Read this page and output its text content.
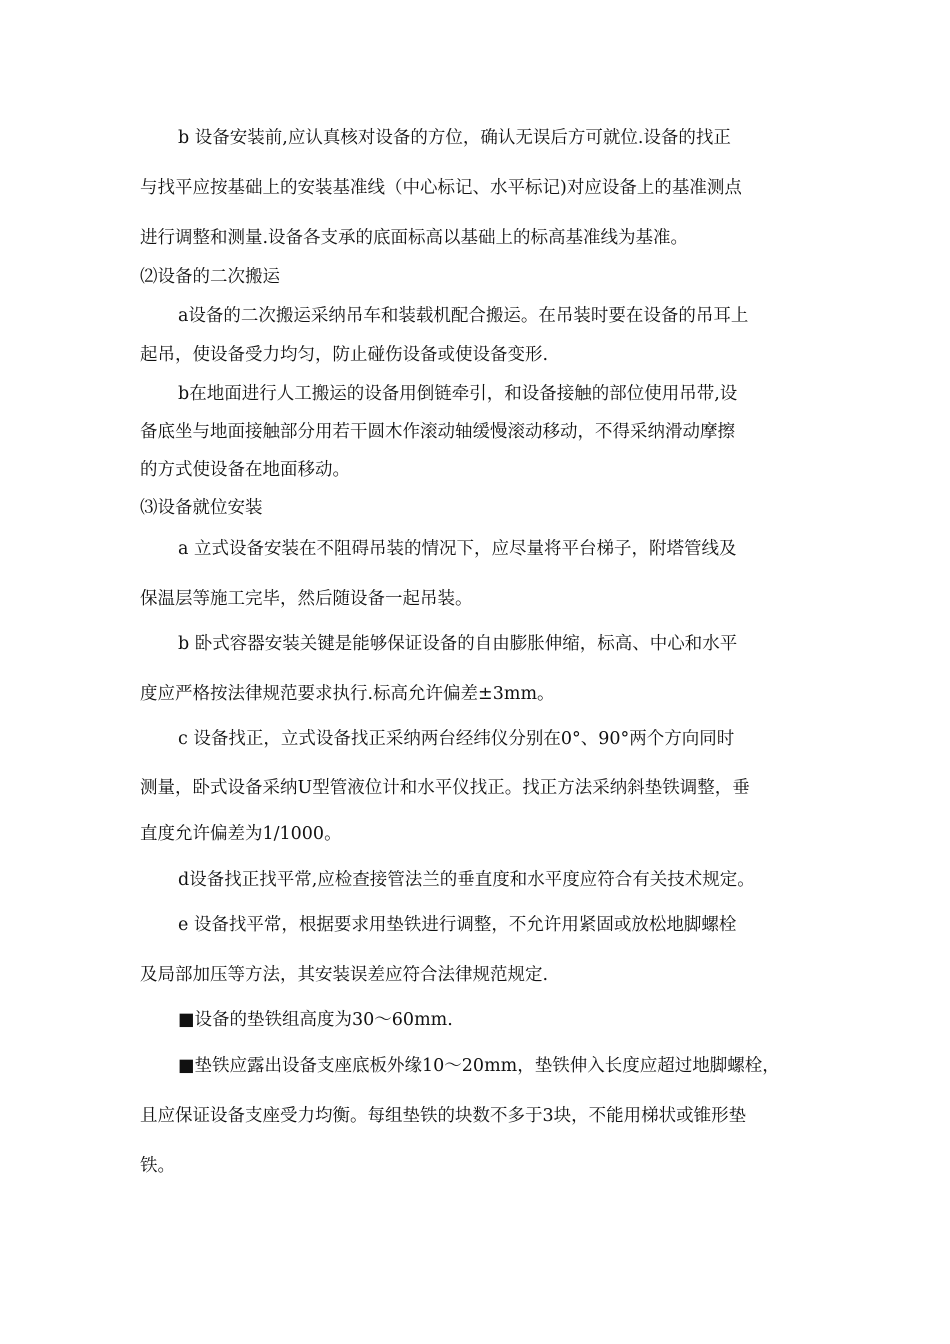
b 设备安装前,应认真核对设备的方位，确认无误后方可就位.设备的找正
与找平应按基础上的安装基准线（中心标记、水平标记)对应设备上的基准测点
进行调整和测量.设备各支承的底面标高以基础上的标高基准线为基准。
⑵设备的二次搬运
a设备的二次搬运采纳吊车和装载机配合搬运。在吊装时要在设备的吊耳上
起吊，使设备受力均匀，防止碰伤设备或使设备变形.
b在地面进行人工搬运的设备用倒链牵引，和设备接触的部位使用吊带,设
备底坐与地面接触部分用若干圆木作滚动轴缓慢滚动移动，不得采纳滑动摩擦
的方式使设备在地面移动。
⑶设备就位安装
a 立式设备安装在不阻碍吊装的情况下，应尽量将平台梯子，附塔管线及
保温层等施工完毕，然后随设备一起吊装。
b 卧式容器安装关键是能够保证设备的自由膨胀伸缩，标高、中心和水平
度应严格按法律规范要求执行.标高允许偏差±3mm。
c 设备找正，立式设备找正采纳两台经纬仪分别在0°、90°两个方向同时
测量，卧式设备采纳U型管液位计和水平仪找正。找正方法采纳斜垫铁调整，垂
直度允许偏差为1/1000。
d设备找正找平常,应检查接管法兰的垂直度和水平度应符合有关技术规定。
e 设备找平常，根据要求用垫铁进行调整，不允许用紧固或放松地脚螺栓
及局部加压等方法，其安装误差应符合法律规范规定.
■设备的垫铁组高度为30～60mm.
■垫铁应露出设备支座底板外缘10～20mm，垫铁伸入长度应超过地脚螺栓，
且应保证设备支座受力均衡。每组垫铁的块数不多于3块，不能用梯状或锥形垫
铁。
